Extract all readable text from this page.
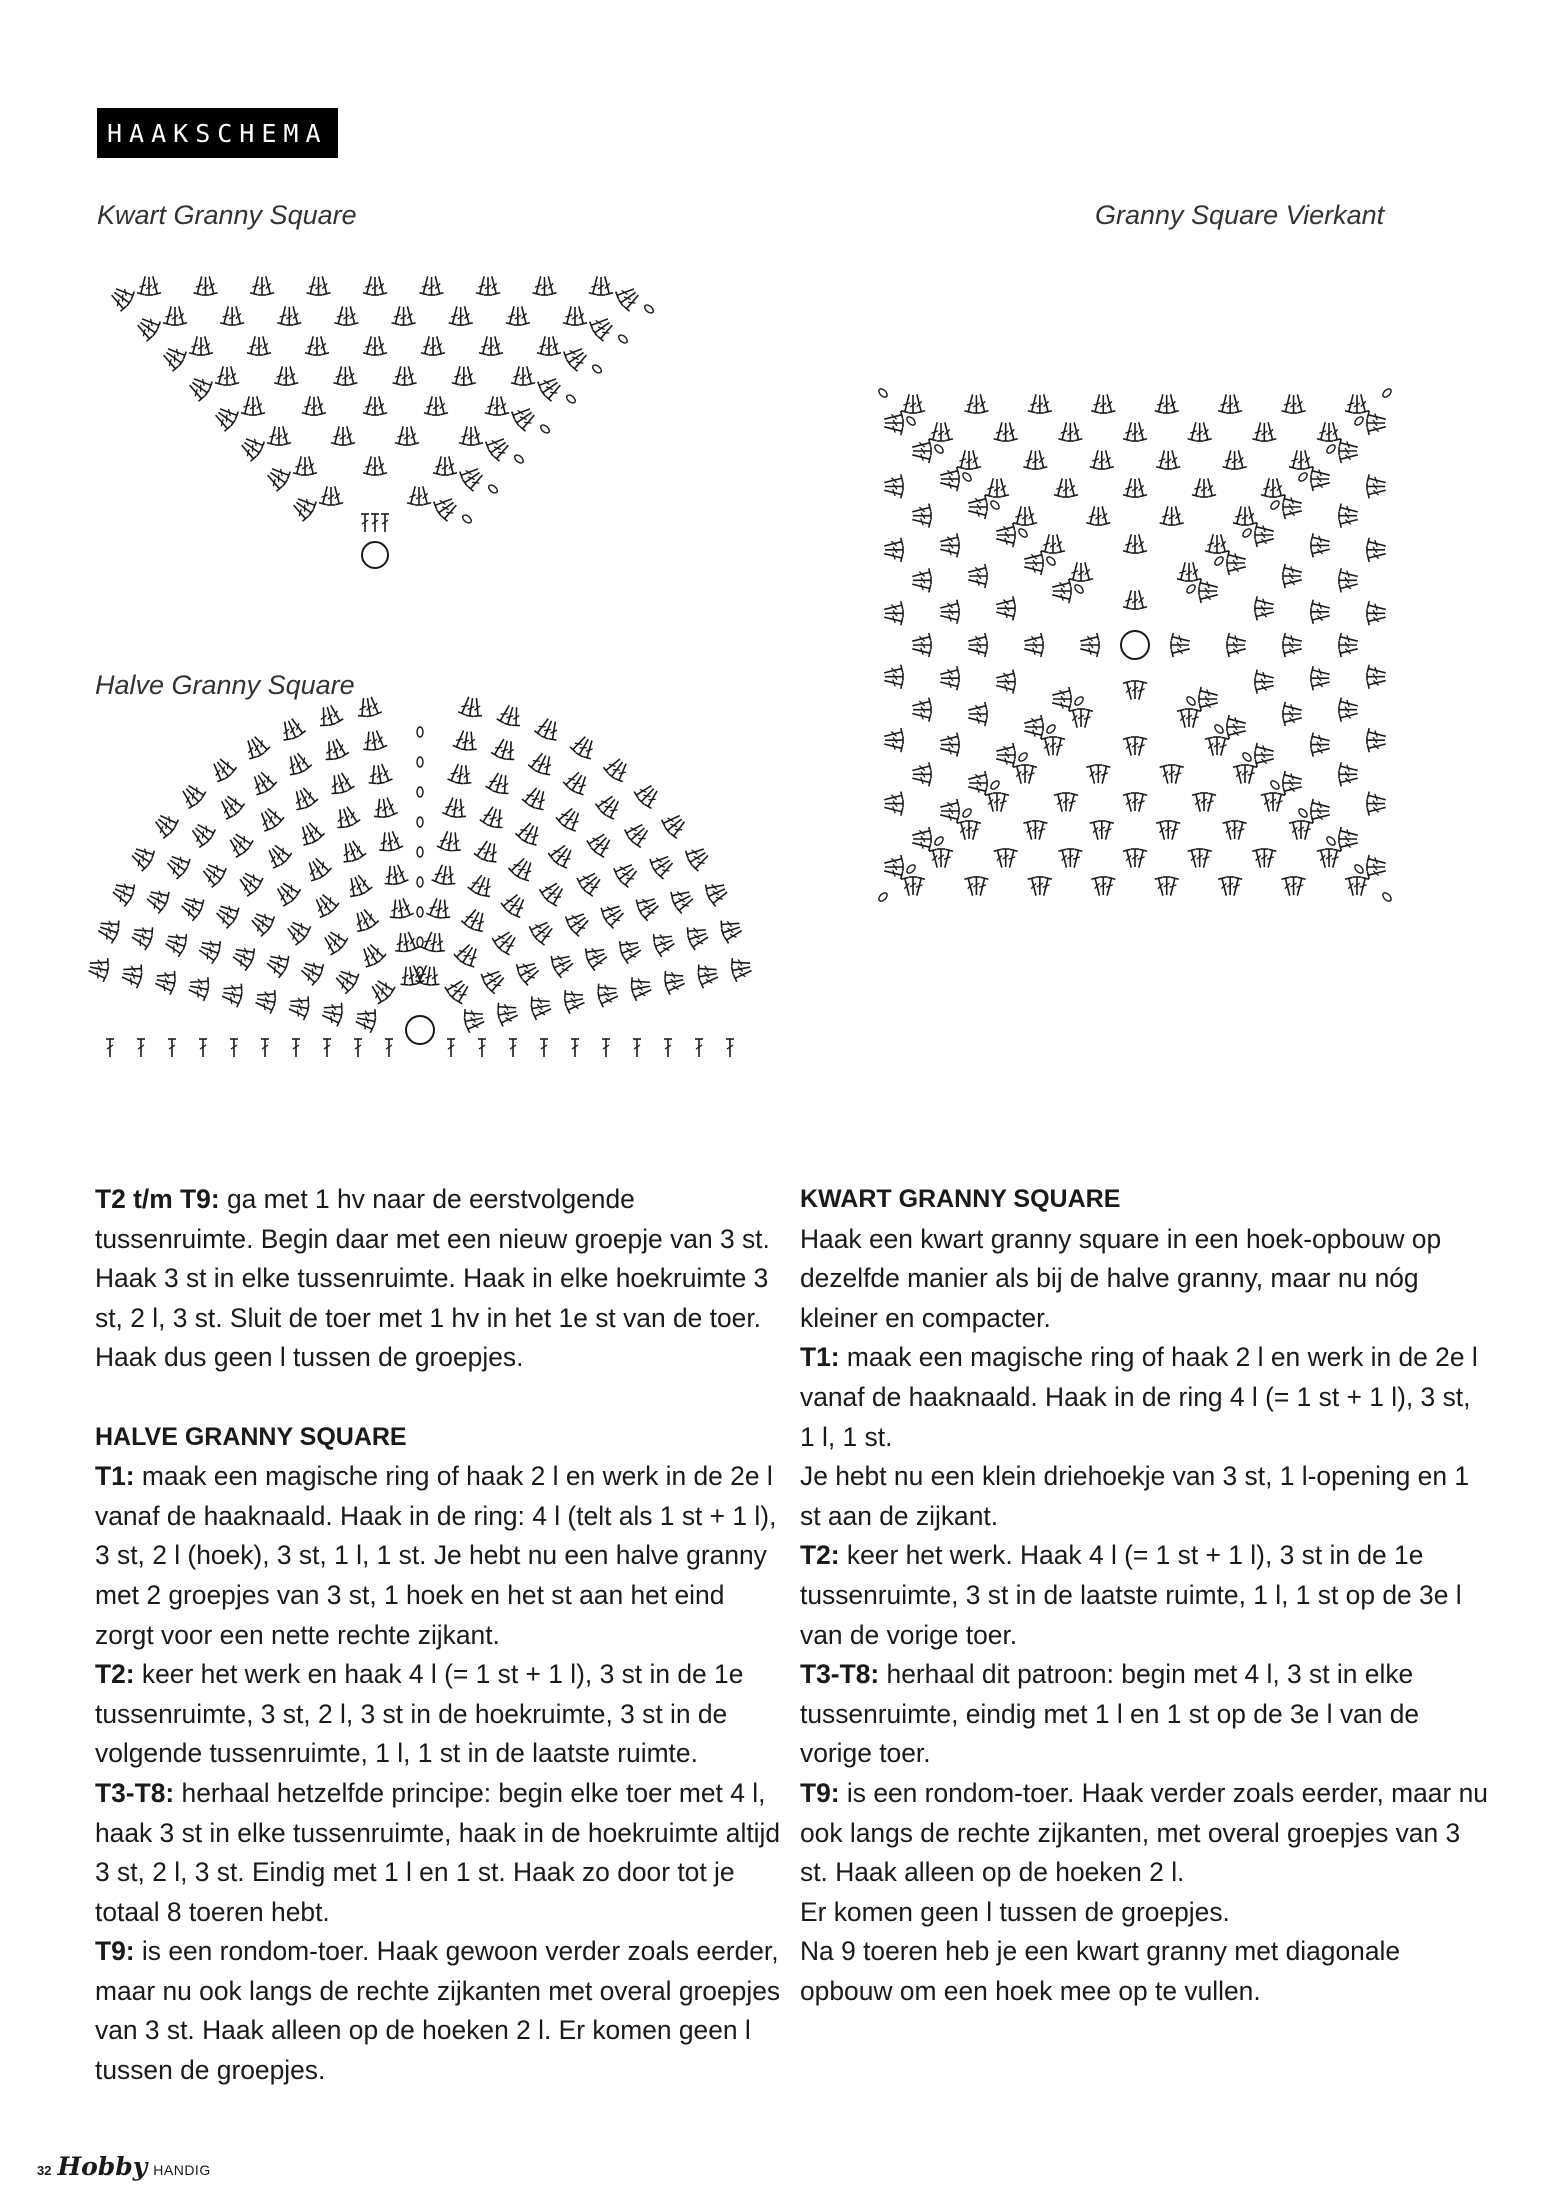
HAAKSCHEMA
Kwart Granny Square	Granny Square Vierkant
Halve Granny Square

T2 t/m T9: ga met 1 hv naar de eerstvolgende tussenruimte. Begin daar met een nieuw groepje van 3 st. Haak 3 st in elke tussenruimte. Haak in elke hoekruimte 3 st, 2 l, 3 st. Sluit de toer met 1 hv in het 1e st van de toer. Haak dus geen l tussen de groepjes.

HALVE GRANNY SQUARE

T1: maak een magische ring of haak 2 l en werk in de 2e l vanaf de haaknaald. Haak in de ring: 4 l (telt als 1 st + 1 l), 3 st, 2 l (hoek), 3 st, 1 l, 1 st. Je hebt nu een halve granny met 2 groepjes van 3 st, 1 hoek en het st aan het eind zorgt voor een nette rechte zijkant.

T2: keer het werk en haak 4 l (= 1 st + 1 l), 3 st in de 1e tussenruimte, 3 st, 2 l, 3 st in de hoekruimte, 3 st in de volgende tussenruimte, 1 l, 1 st in de laatste ruimte.

T3-T8: herhaal hetzelfde principe: begin elke toer met 4 l, haak 3 st in elke tussenruimte, haak in de hoekruimte altijd 3 st, 2 l, 3 st. Eindig met 1 l en 1 st. Haak zo door tot je totaal 8 toeren hebt.

T9: is een rondom-toer. Haak gewoon verder zoals eerder, maar nu ook langs de rechte zijkanten met overal groepjes van 3 st. Haak alleen op de hoeken 2 l. Er komen geen l tussen de groepjes.

KWART GRANNY SQUARE

Haak een kwart granny square in een hoek-opbouw op dezelfde manier als bij de halve granny, maar nu nóg kleiner en compacter.

T1: maak een magische ring of haak 2 l en werk in de 2e l vanaf de haaknaald. Haak in de ring 4 l (= 1 st + 1 l), 3 st, 1 l, 1 st.

Je hebt nu een klein driehoekje van 3 st, 1 l-opening en 1 st aan de zijkant.

T2: keer het werk. Haak 4 l (= 1 st + 1 l), 3 st in de 1e tussenruimte, 3 st in de laatste ruimte, 1 l, 1 st op de 3e l van de vorige toer.

T3-T8: herhaal dit patroon: begin met 4 l, 3 st in elke tussenruimte, eindig met 1 l en 1 st op de 3e l van de vorige toer.

T9: is een rondom-toer. Haak verder zoals eerder, maar nu ook langs de rechte zijkanten, met overal groepjes van 3 st. Haak alleen op de hoeken 2 l.

Er komen geen l tussen de groepjes.

Na 9 toeren heb je een kwart granny met diagonale opbouw om een hoek mee op te vullen.

32 Hobby HANDIG
